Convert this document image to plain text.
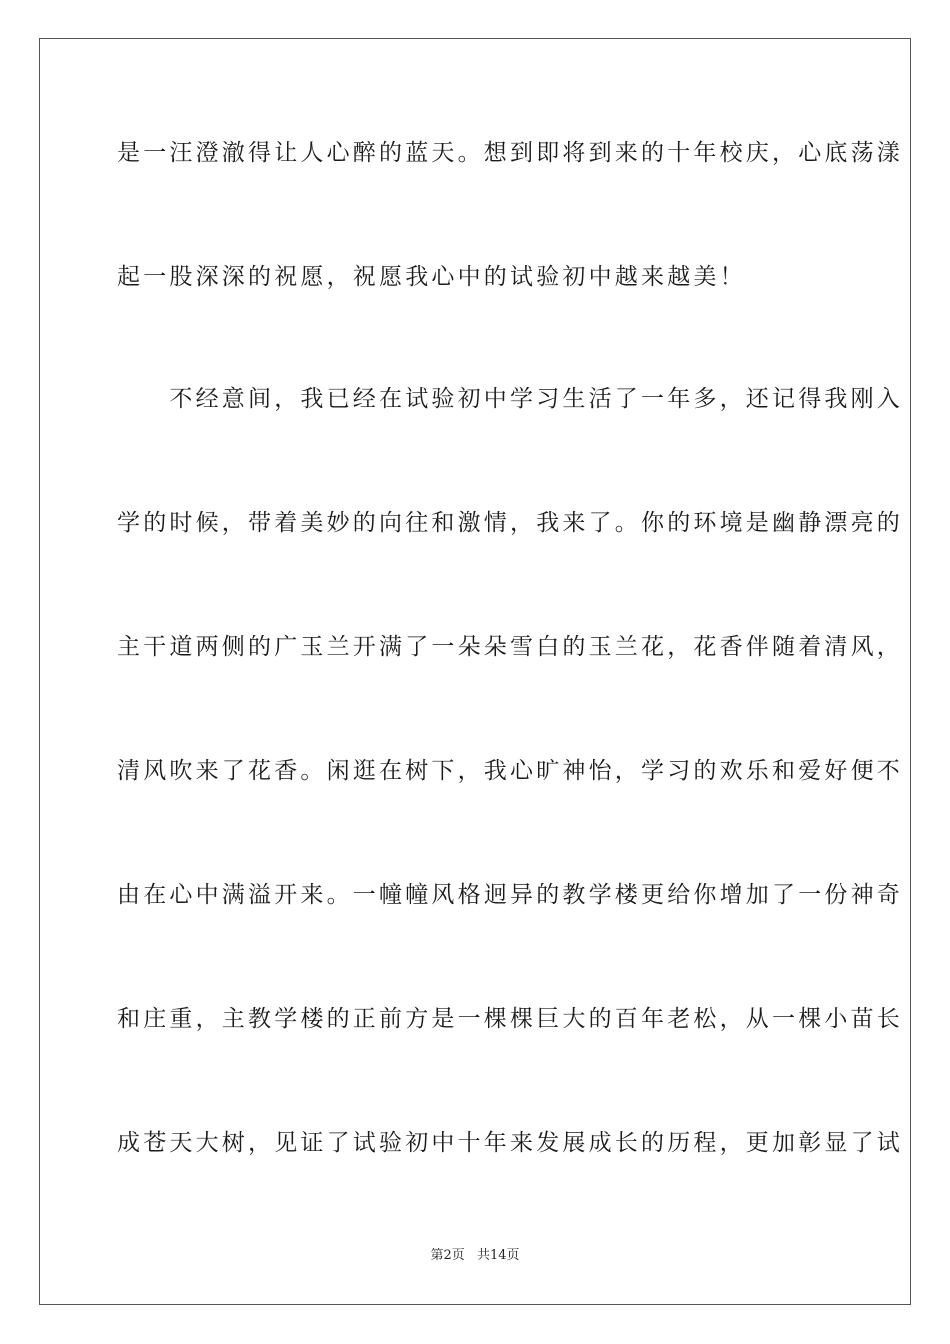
是一汪澄澈得让人心醉的蓝天。想到即将到来的十年校庆，心底荡漾
起一股深深的祝愿，祝愿我心中的试验初中越来越美！
　　不经意间，我已经在试验初中学习生活了一年多，还记得我刚入
学的时候，带着美妙的向往和激情，我来了。你的环境是幽静漂亮的
主干道两侧的广玉兰开满了一朵朵雪白的玉兰花，花香伴随着清风，
清风吹来了花香。闲逛在树下，我心旷神怡，学习的欢乐和爱好便不
由在心中满溢开来。一幢幢风格迥异的教学楼更给你增加了一份神奇
和庄重，主教学楼的正前方是一棵棵巨大的百年老松，从一棵小苗长
成苍天大树，见证了试验初中十年来发展成长的历程，更加彰显了试
第2页 共14页
